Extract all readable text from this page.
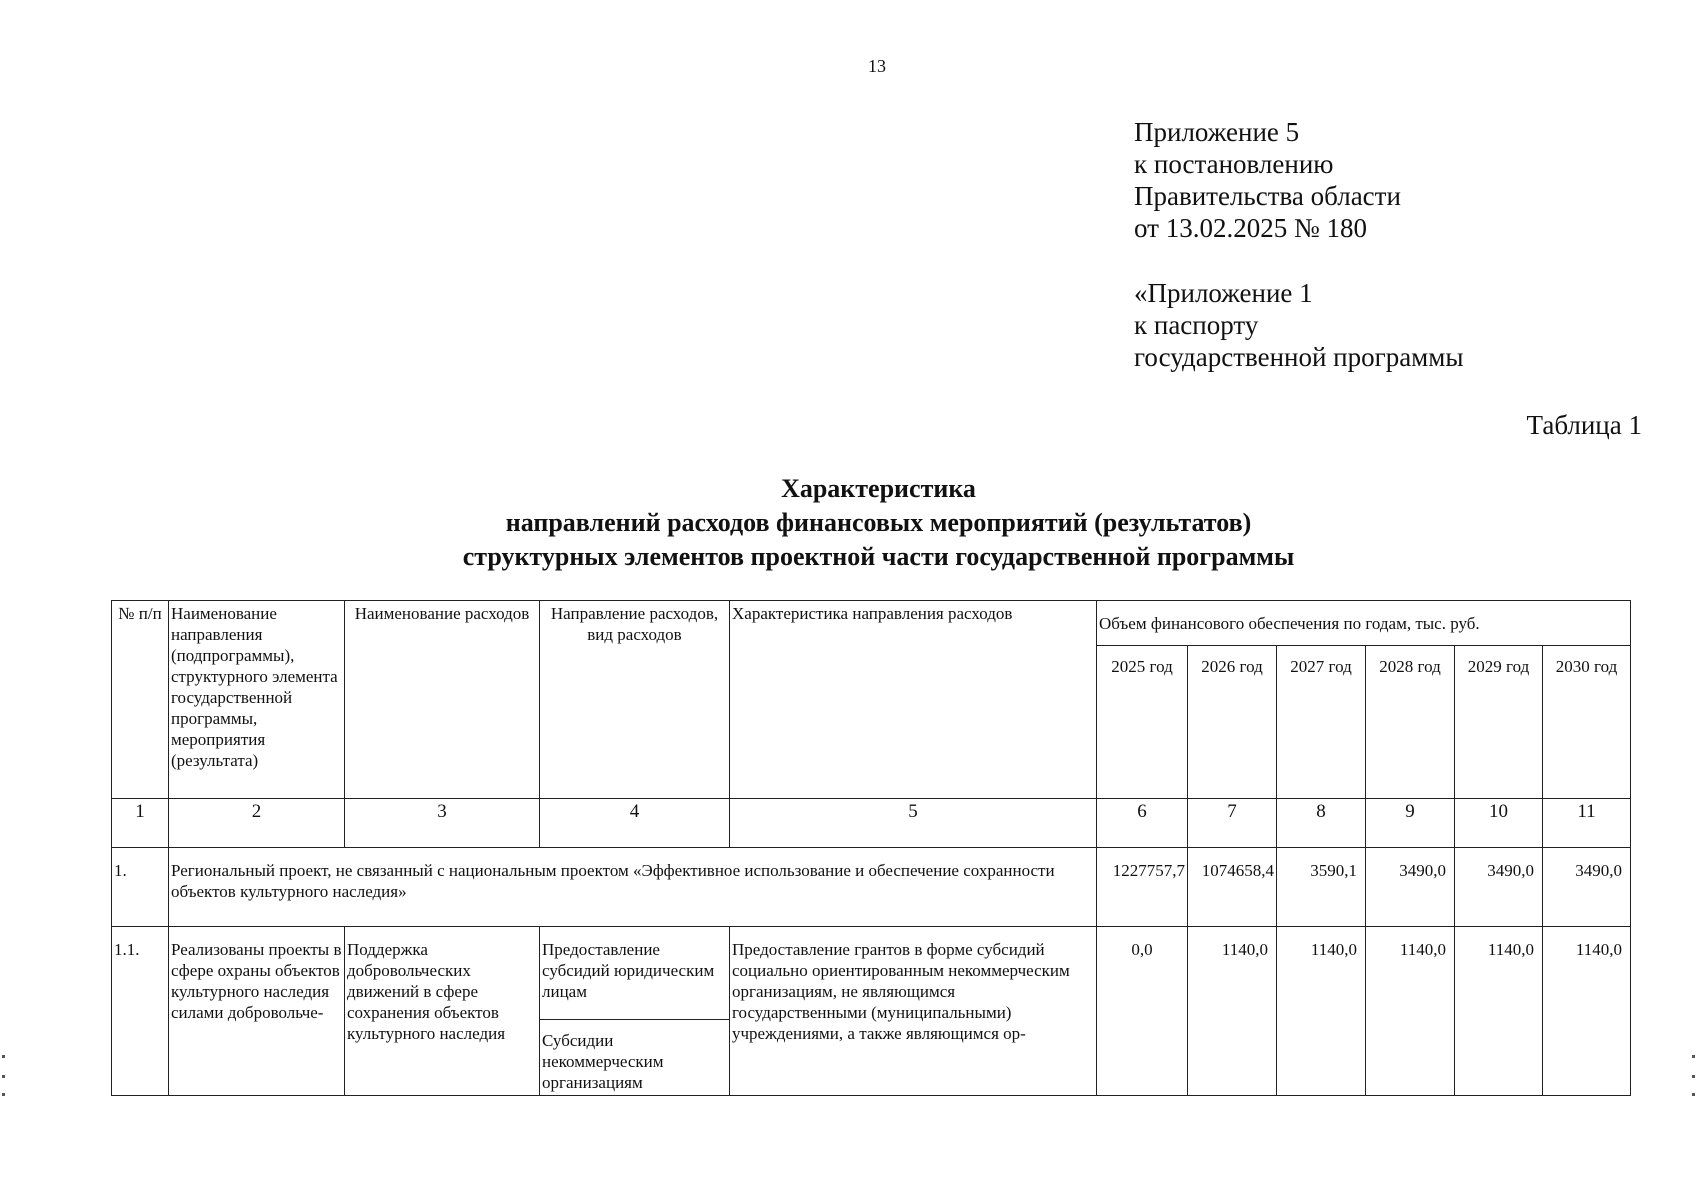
13
Приложение 5
к постановлению
Правительства области
от 13.02.2025 № 180
«Приложение 1
к паспорту
государственной программы
Таблица 1
Характеристика
направлений расходов финансовых мероприятий (результатов)
структурных элементов проектной части государственной программы
№ п/п	Наименование направления (подпрограммы), структурного элемента государственной программы, мероприятия (результата)	Наименование расходов	Направление расходов, вид расходов	Характеристика направления расходов	Объем финансового обеспечения по годам, тыс. руб.					
					2025 год	2026 год	2027 год	2028 год	2029 год	2030 год
1	2	3	4	5	6	7	8	9	10	11
1.	Региональный проект, не связанный с национальным проектом «Эффективное использование и обеспечение сохранности объектов культурного наследия»				1227757,7	1074658,4	3590,1	3490,0	3490,0	3490,0
1.1.	Реализованы проекты в сфере охраны объектов культурного наследия силами добровольче-	Поддержка добровольческих движений в сфере сохранения объектов культурного наследия	Предоставление субсидий юридическим лицам	Предоставление грантов в форме субсидий социально ориентированным некоммерческим организациям, не являющимся государственными (муниципальными) учреждениями, а также являющимся ор-	0,0	1140,0	1140,0	1140,0	1140,0	1140,0
			Субсидии некоммерческим организациям							
